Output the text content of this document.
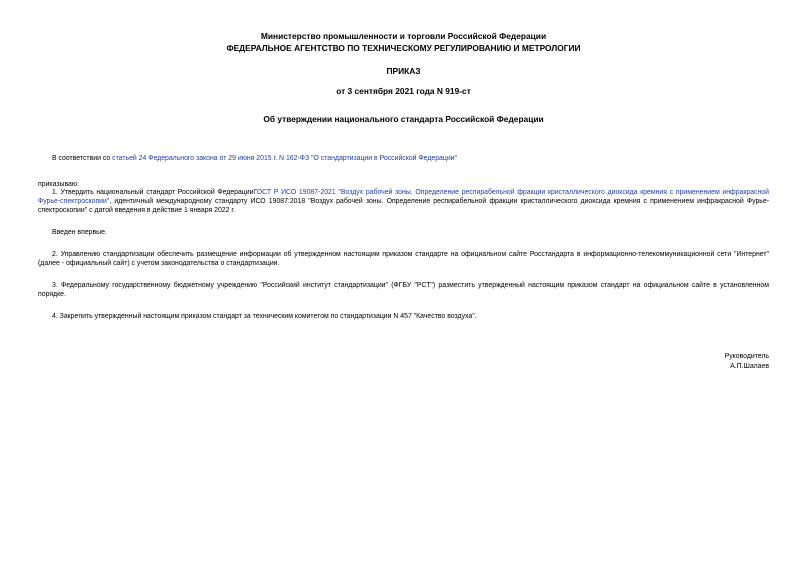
Министерство промышленности и торговли Российской Федерации
ФЕДЕРАЛЬНОЕ АГЕНТСТВО ПО ТЕХНИЧЕСКОМУ РЕГУЛИРОВАНИЮ И МЕТРОЛОГИИ
ПРИКАЗ
от 3 сентября 2021 года N 919-ст
Об утверждении национального стандарта Российской Федерации
В соответствии со статьей 24 Федерального закона от 29 июня 2015 г. N 162-ФЗ "О стандартизации в Российской Федерации"
приказываю:
1. Утвердить национальный стандарт Российской ФедерацииГОСТ Р ИСО 19087-2021 "Воздух рабочей зоны. Определение респирабельной фракции кристаллического диоксида кремния с применением инфракрасной Фурье-спектроскопии", идентичный международному стандарту ИСО 19087:2018 "Воздух рабочей зоны. Определение респирабельной фракции кристаллического диоксида кремния с применением инфракрасной Фурье-спектроскопии" с датой введения в действие 1 января 2022 г.
Введен впервые.
2. Управлению стандартизации обеспечить размещение информации об утвержденном настоящим приказом стандарте на официальном сайте Росстандарта в информационно-телекоммуникационной сети "Интернет" (далее - официальный сайт) с учетом законодательства о стандартизации.
3. Федеральному государственному бюджетному учреждению "Российский институт стандартизации" (ФГБУ "РСТ") разместить утвержденный настоящим приказом стандарт на официальном сайте в установленном порядке.
4. Закрепить утвержденный настоящим приказом стандарт за техническим комитетом по стандартизации N 457 "Качество воздуха".
Руководитель
А.П.Шалаев
